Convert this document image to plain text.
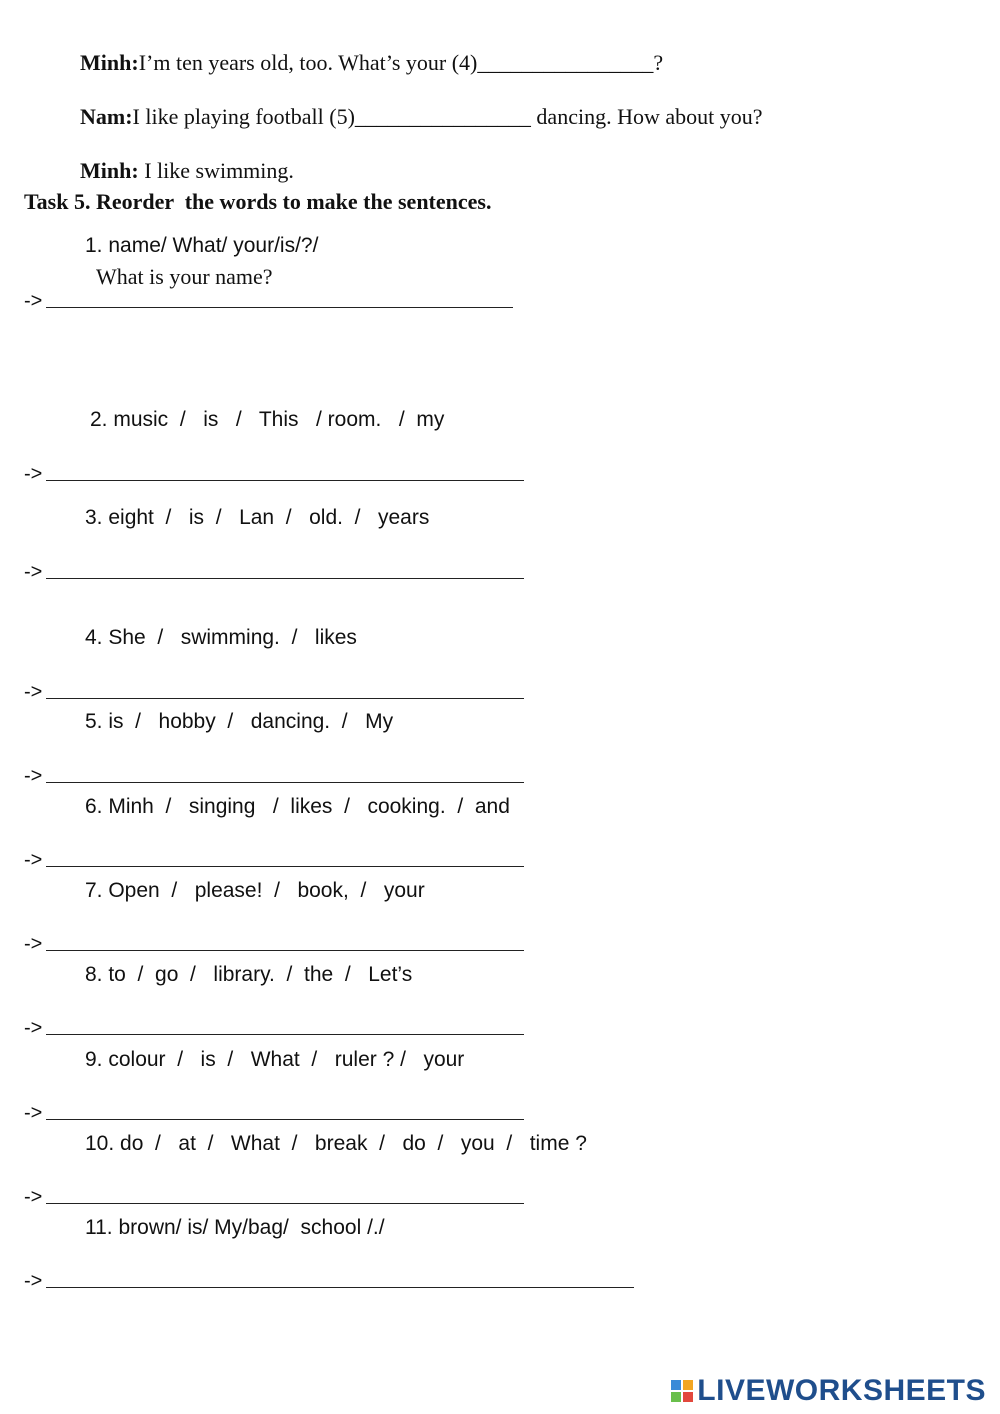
Minh:I’m ten years old, too. What’s your (4)________________?

Nam:I like playing football (5)________________ dancing. How about you?

Minh: I like swimming.

Task 5. Reorder  the words to make the sentences.
1. name/ What/ your/is/?/
What is your name?
->
2. music  /   is   /   This   / room.   /  my
->
3. eight  /   is  /   Lan  /   old.  /   years
->
4. She  /   swimming.  /   likes
->
5. is  /   hobby  /   dancing.  /   My
->
6. Minh  /   singing   /  likes  /   cooking.  /  and
->
7. Open  /   please!  /   book,  /   your
->
8. to  /  go  /   library.  /  the  /   Let’s
->
9. colour  /   is  /   What  /   ruler ? /   your
->
10. do  /   at  /   What  /   break  /   do  /   you  /   time ?
->
11. brown/ is/ My/bag/  school /./
->
LIVEWORKSHEETS
